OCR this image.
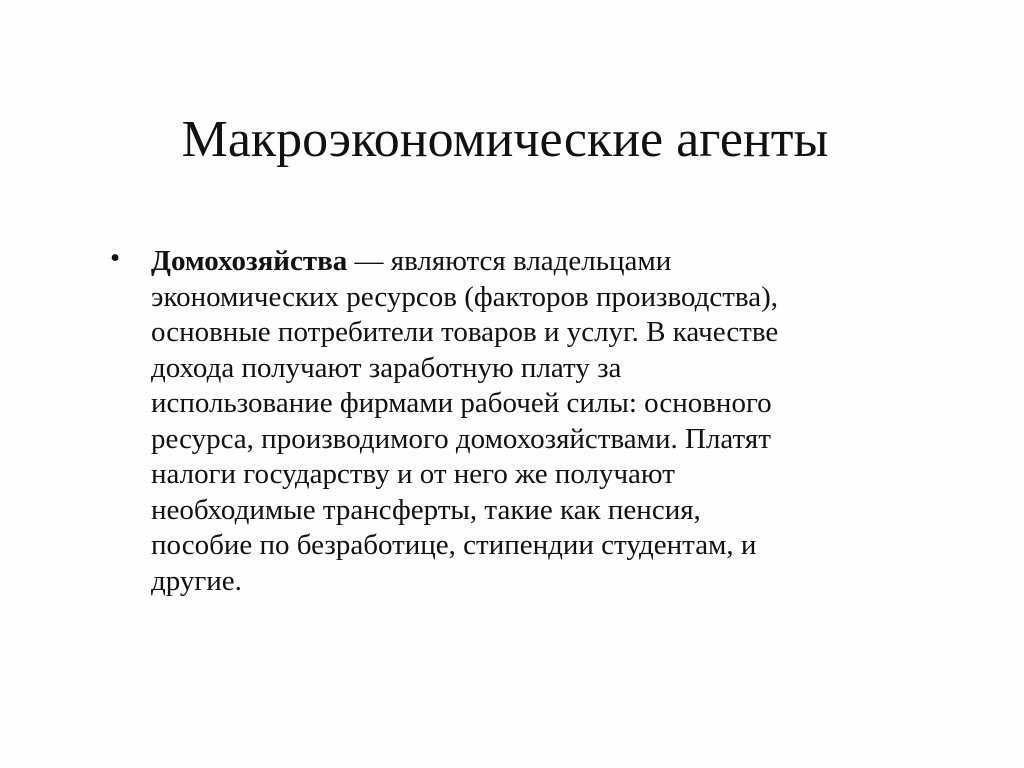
Макроэкономические агенты
• Домохозяйства — являются владельцами
экономических ресурсов (факторов производства),
основные потребители товаров и услуг. В качестве
дохода получают заработную плату за
использование фирмами рабочей силы: основного
ресурса, производимого домохозяйствами. Платят
налоги государству и от него же получают
необходимые трансферты, такие как пенсия,
пособие по безработице, стипендии студентам, и
другие.
